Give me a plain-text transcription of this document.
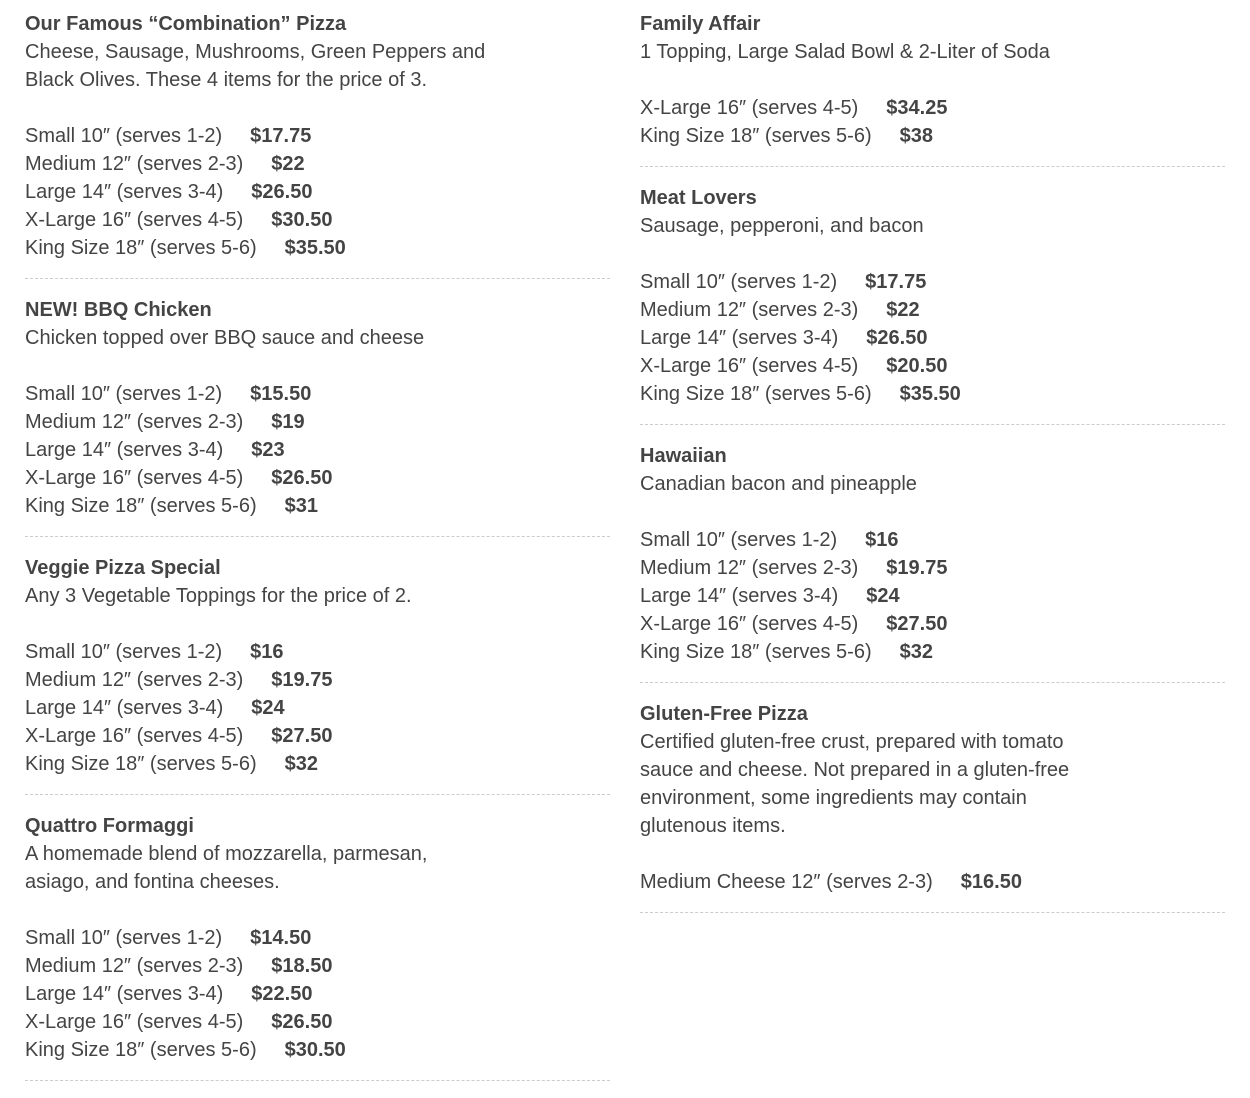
Our Famous “Combination” Pizza
Cheese, Sausage, Mushrooms, Green Peppers and Black Olives. These 4 items for the price of 3.
Small 10″ (serves 1-2) $17.75
Medium 12″ (serves 2-3) $22
Large 14″ (serves 3-4) $26.50
X-Large 16″ (serves 4-5) $30.50
King Size 18″ (serves 5-6) $35.50
NEW! BBQ Chicken
Chicken topped over BBQ sauce and cheese
Small 10″ (serves 1-2) $15.50
Medium 12″ (serves 2-3) $19
Large 14″ (serves 3-4) $23
X-Large 16″ (serves 4-5) $26.50
King Size 18″ (serves 5-6) $31
Veggie Pizza Special
Any 3 Vegetable Toppings for the price of 2.
Small 10″ (serves 1-2) $16
Medium 12″ (serves 2-3) $19.75
Large 14″ (serves 3-4) $24
X-Large 16″ (serves 4-5) $27.50
King Size 18″ (serves 5-6) $32
Quattro Formaggi
A homemade blend of mozzarella, parmesan, asiago, and fontina cheeses.
Small 10″ (serves 1-2) $14.50
Medium 12″ (serves 2-3) $18.50
Large 14″ (serves 3-4) $22.50
X-Large 16″ (serves 4-5) $26.50
King Size 18″ (serves 5-6) $30.50
Family Affair
1 Topping, Large Salad Bowl & 2-Liter of Soda
X-Large 16″ (serves 4-5) $34.25
King Size 18″ (serves 5-6) $38
Meat Lovers
Sausage, pepperoni, and bacon
Small 10″ (serves 1-2) $17.75
Medium 12″ (serves 2-3) $22
Large 14″ (serves 3-4) $26.50
X-Large 16″ (serves 4-5) $20.50
King Size 18″ (serves 5-6) $35.50
Hawaiian
Canadian bacon and pineapple
Small 10″ (serves 1-2) $16
Medium 12″ (serves 2-3) $19.75
Large 14″ (serves 3-4) $24
X-Large 16″ (serves 4-5) $27.50
King Size 18″ (serves 5-6) $32
Gluten-Free Pizza
Certified gluten-free crust, prepared with tomato sauce and cheese. Not prepared in a gluten-free environment, some ingredients may contain glutenous items.
Medium Cheese 12″ (serves 2-3) $16.50
